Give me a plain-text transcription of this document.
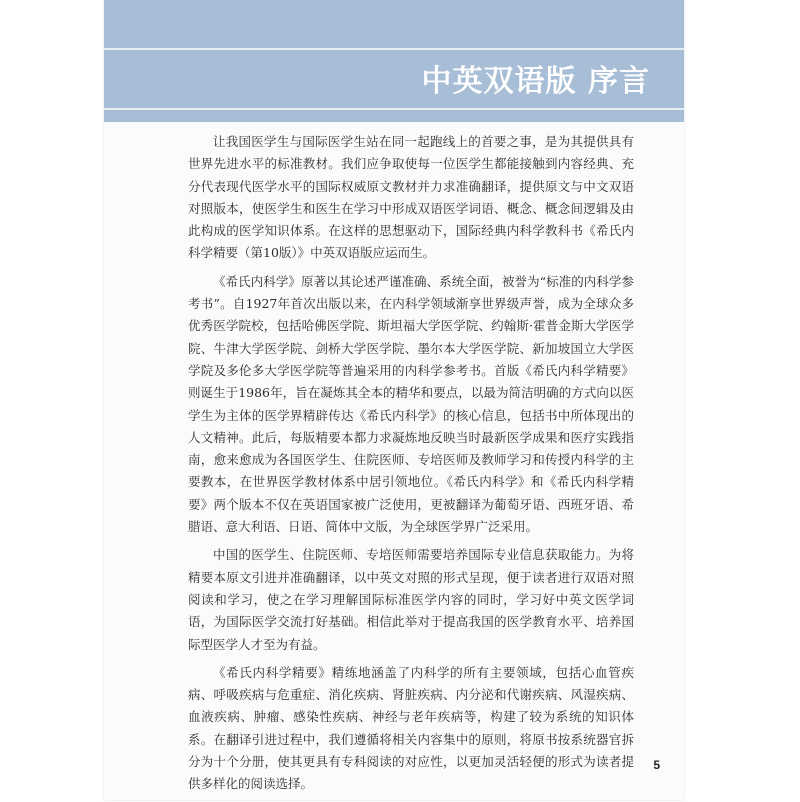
中英双语版 序言

让我国医学生与国际医学生站在同一起跑线上的首要之事，是为其提供具有世界先进水平的标准教材。我们应争取使每一位医学生都能接触到内容经典、充分代表现代医学水平的国际权威原文教材并力求准确翻译，提供原文与中文双语对照版本，使医学生和医生在学习中形成双语医学词语、概念、概念间逻辑及由此构成的医学知识体系。在这样的思想驱动下，国际经典内科学教科书《希氏内科学精要（第10版）》中英双语版应运而生。

《希氏内科学》原著以其论述严谨准确、系统全面，被誉为“标准的内科学参考书”。自1927年首次出版以来，在内科学领域渐享世界级声誉，成为全球众多优秀医学院校，包括哈佛医学院、斯坦福大学医学院、约翰斯·霍普金斯大学医学院、牛津大学医学院、剑桥大学医学院、墨尔本大学医学院、新加坡国立大学医学院及多伦多大学医学院等普遍采用的内科学参考书。首版《希氏内科学精要》则诞生于1986年，旨在凝炼其全本的精华和要点，以最为简洁明确的方式向以医学生为主体的医学界精辟传达《希氏内科学》的核心信息，包括书中所体现出的人文精神。此后，每版精要本都力求凝炼地反映当时最新医学成果和医疗实践指南，愈来愈成为各国医学生、住院医师、专培医师及教师学习和传授内科学的主要教本，在世界医学教材体系中居引领地位。《希氏内科学》和《希氏内科学精要》两个版本不仅在英语国家被广泛使用，更被翻译为葡萄牙语、西班牙语、希腊语、意大利语、日语、简体中文版，为全球医学界广泛采用。

中国的医学生、住院医师、专培医师需要培养国际专业信息获取能力。为将精要本原文引进并准确翻译，以中英文对照的形式呈现，便于读者进行双语对照阅读和学习，使之在学习理解国际标准医学内容的同时，学习好中英文医学词语，为国际医学交流打好基础。相信此举对于提高我国的医学教育水平、培养国际型医学人才至为有益。

《希氏内科学精要》精练地涵盖了内科学的所有主要领域，包括心血管疾病、呼吸疾病与危重症、消化疾病、肾脏疾病、内分泌和代谢疾病、风湿疾病、血液疾病、肿瘤、感染性疾病、神经与老年疾病等，构建了较为系统的知识体系。在翻译引进过程中，我们遵循将相关内容集中的原则，将原书按系统器官拆分为十个分册，使其更具有专科阅读的对应性，以更加灵活轻便的形式为读者提供多样化的阅读选择。

5
